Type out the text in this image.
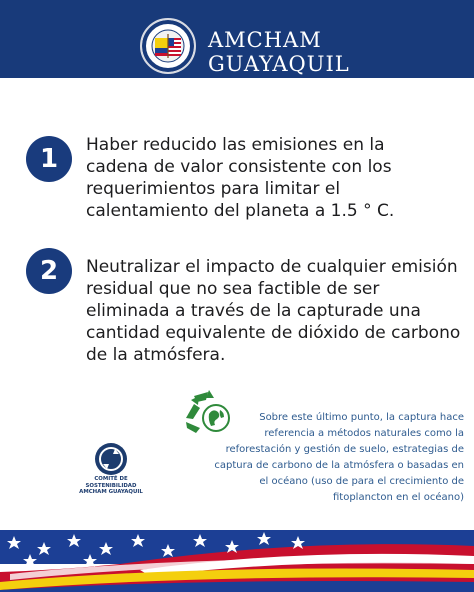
AMCHAM
GUAYAQUIL
1	Haber reducido las emisiones en la cadena de valor consistente con los requerimientos para limitar el calentamiento del planeta a 1.5 ° C.
2	Neutralizar el impacto de cualquier emisión residual que no sea factible de ser eliminada a través de la capturade una cantidad equivalente de dióxido de carbono de la atmósfera.
Sobre este último punto, la captura hace referencia a métodos naturales como la reforestación y gestión de suelo, estrategias de captura de carbono de la atmósfera o basadas en el océano (uso de para el crecimiento de fitoplancton en el océano)
COMITÉ DE
SOSTENIBILIDAD
AMCHAM GUAYAQUIL
